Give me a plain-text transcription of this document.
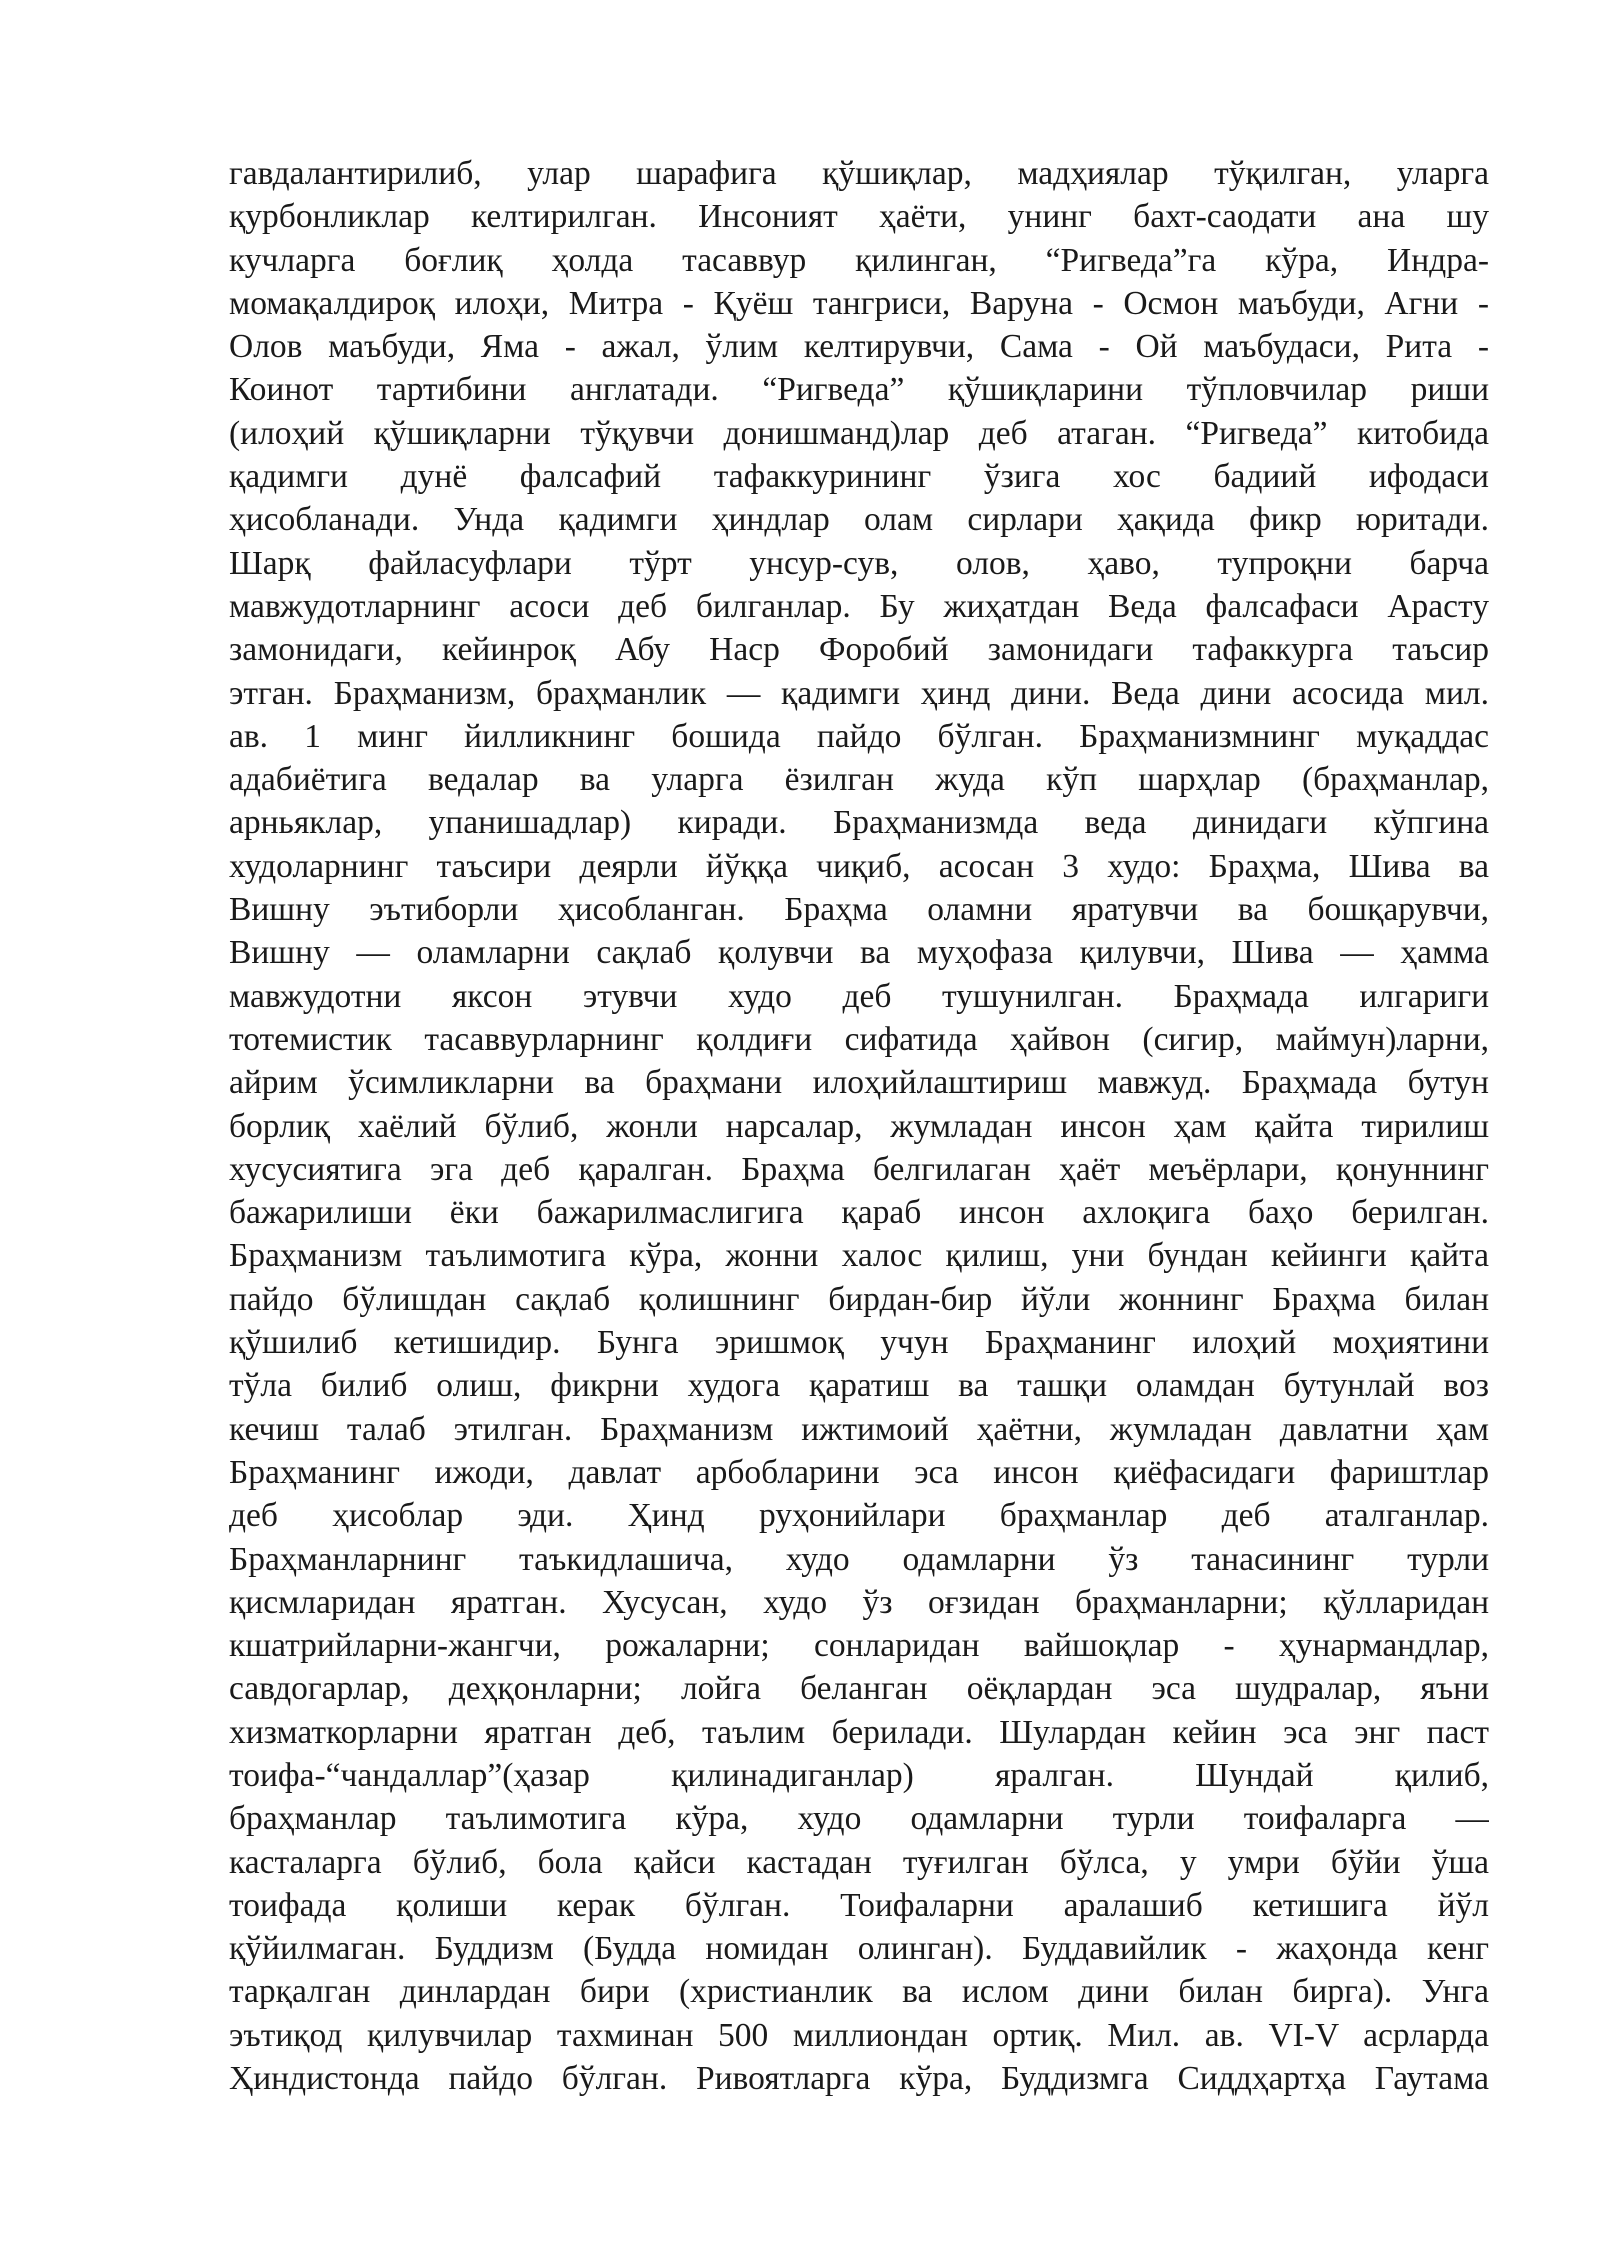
гавдалантирилиб, улар шарафига қўшиқлар, мадҳиялар тўқилган, уларга
қурбонликлар келтирилган. Инсоният ҳаёти, унинг бахт-саодати ана шу
кучларга боғлиқ ҳолда тасаввур қилинган, “Ригведа”га кўра, Индра-
момақалдироқ илоҳи, Митра - Қуёш тангриси, Варуна - Осмон маъбуди, Агни -
Олов маъбуди, Яма - ажал, ўлим келтирувчи, Сама - Ой маъбудаси, Рита -
Коинот тартибини англатади. “Ригведа” қўшиқларини тўпловчилар риши
(илоҳий қўшиқларни тўқувчи донишманд)лар деб атаган. “Ригведа” китобида
қадимги дунё фалсафий тафаккурининг ўзига хос бадиий ифодаси
ҳисобланади. Унда қадимги ҳиндлар олам сирлари ҳақида фикр юритади.
Шарқ файласуфлари тўрт унсур-сув, олов, ҳаво, тупроқни барча
мавжудотларнинг асоси деб билганлар. Бу жиҳатдан Веда фалсафаси Арасту
замонидаги, кейинроқ Абу Наср Форобий замонидаги тафаккурга таъсир
этган. Браҳманизм, браҳманлик — қадимги ҳинд дини. Веда дини асосида мил.
ав. 1 минг йилликнинг бошида пайдо бўлган. Браҳманизмнинг муқаддас
адабиётига ведалар ва уларга ёзилган жуда кўп шарҳлар (браҳманлар,
арньяклар, упанишадлар) киради. Браҳманизмда веда динидаги кўпгина
худоларнинг таъсири деярли йўққа чиқиб, асосан 3 худо: Браҳма, Шива ва
Вишну эътиборли ҳисобланган. Браҳма оламни яратувчи ва бошқарувчи,
Вишну — оламларни сақлаб қолувчи ва муҳофаза қилувчи, Шива — ҳамма
мавжудотни яксон этувчи худо деб тушунилган. Браҳмада илгариги
тотемистик тасаввурларнинг қолдиғи сифатида ҳайвон (сигир, маймун)ларни,
айрим ўсимликларни ва браҳмани илоҳийлаштириш мавжуд. Браҳмада бутун
борлиқ хаёлий бўлиб, жонли нарсалар, жумладан инсон ҳам қайта тирилиш
хусусиятига эга деб қаралган. Браҳма белгилаган ҳаёт меъёрлари, қонуннинг
бажарилиши ёки бажарилмаслигига қараб инсон ахлоқига баҳо берилган.
Браҳманизм таълимотига кўра, жонни халос қилиш, уни бундан кейинги қайта
пайдо бўлишдан сақлаб қолишнинг бирдан-бир йўли жоннинг Браҳма билан
қўшилиб кетишидир. Бунга эришмоқ учун Браҳманинг илоҳий моҳиятини
тўла билиб олиш, фикрни худога қаратиш ва ташқи оламдан бутунлай воз
кечиш талаб этилган. Браҳманизм ижтимоий ҳаётни, жумладан давлатни ҳам
Браҳманинг ижоди, давлат арбобларини эса инсон қиёфасидаги фариштлар
деб ҳисоблар эди. Ҳинд руҳонийлари браҳманлар деб аталганлар.
Браҳманларнинг таъкидлашича, худо одамларни ўз танасининг турли
қисмларидан яратган. Хусусан, худо ўз оғзидан браҳманларни; қўлларидан
кшатрийларни-жангчи, рожаларни; сонларидан вайшоқлар - ҳунармандлар,
савдогарлар, деҳқонларни; лойга беланган оёқлардан эса шудралар, яъни
хизматкорларни яратган деб, таълим берилади. Шулардан кейин эса энг паст
тоифа-“чандаллар”(ҳазар қилинадиганлар) яралган. Шундай қилиб,
браҳманлар таълимотига кўра, худо одамларни турли тоифаларга —
касталарга бўлиб, бола қайси кастадан туғилган бўлса, у умри бўйи ўша
тоифада қолиши керак бўлган. Тоифаларни аралашиб кетишига йўл
қўйилмаган. Буддизм (Будда номидан олинган). Буддавийлик - жаҳонда кенг
тарқалган динлардан бири (христианлик ва ислом дини билан бирга). Унга
эътиқод қилувчилар тахминан 500 миллиондан ортиқ. Мил. ав. VI-V асрларда
Ҳиндистонда пайдо бўлган. Ривоятларга кўра, Буддизмга Сиддҳартҳа Гаутама
